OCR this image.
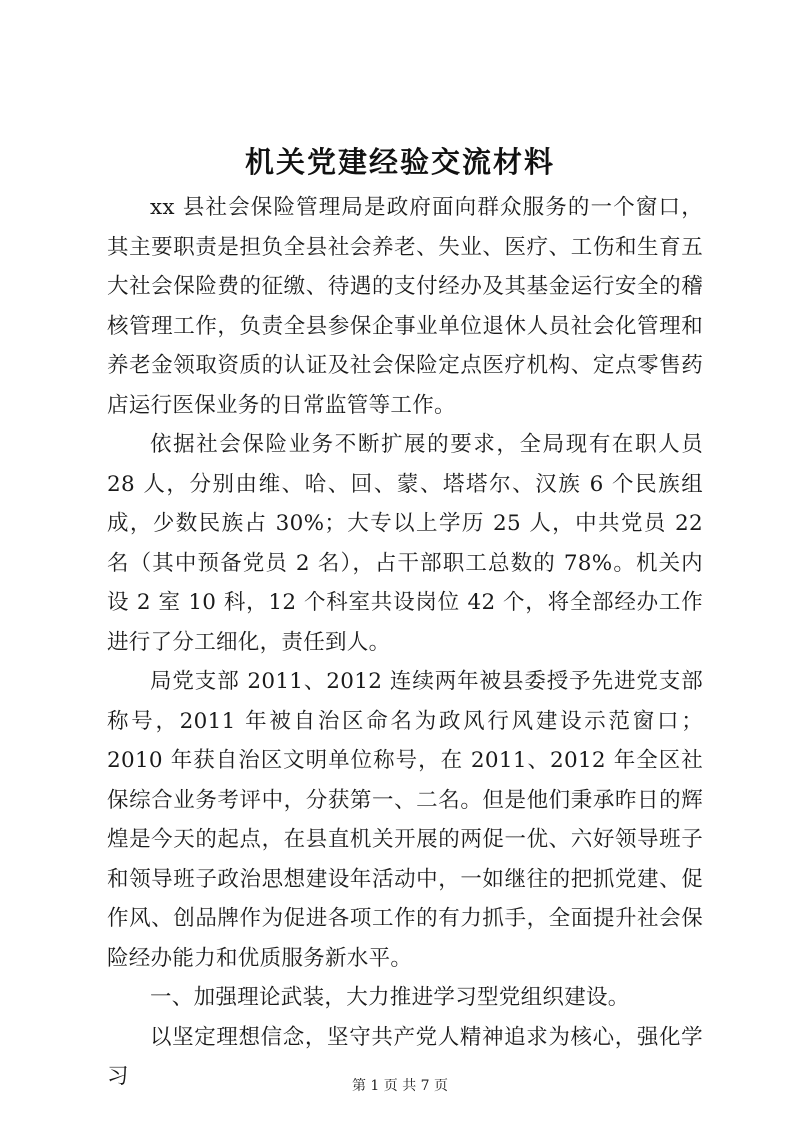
机关党建经验交流材料

xx 县社会保险管理局是政府面向群众服务的一个窗口，其主要职责是担负全县社会养老、失业、医疗、工伤和生育五大社会保险费的征缴、待遇的支付经办及其基金运行安全的稽核管理工作，负责全县参保企事业单位退休人员社会化管理和养老金领取资质的认证及社会保险定点医疗机构、定点零售药店运行医保业务的日常监管等工作。

依据社会保险业务不断扩展的要求，全局现有在职人员 28 人，分别由维、哈、回、蒙、塔塔尔、汉族 6 个民族组成，少数民族占 30%；大专以上学历 25 人，中共党员 22 名（其中预备党员 2 名），占干部职工总数的 78%。机关内设 2 室 10 科，12 个科室共设岗位 42 个，将全部经办工作进行了分工细化，责任到人。

局党支部 2011、2012 连续两年被县委授予先进党支部称号，2011 年被自治区命名为政风行风建设示范窗口；2010 年获自治区文明单位称号，在 2011、2012 年全区社保综合业务考评中，分获第一、二名。但是他们秉承昨日的辉煌是今天的起点，在县直机关开展的两促一优、六好领导班子和领导班子政治思想建设年活动中，一如继往的把抓党建、促作风、创品牌作为促进各项工作的有力抓手，全面提升社会保险经办能力和优质服务新水平。

一、加强理论武装，大力推进学习型党组织建设。

以坚定理想信念，坚守共产党人精神追求为核心，强化学习	第 1 页 共 7 页
